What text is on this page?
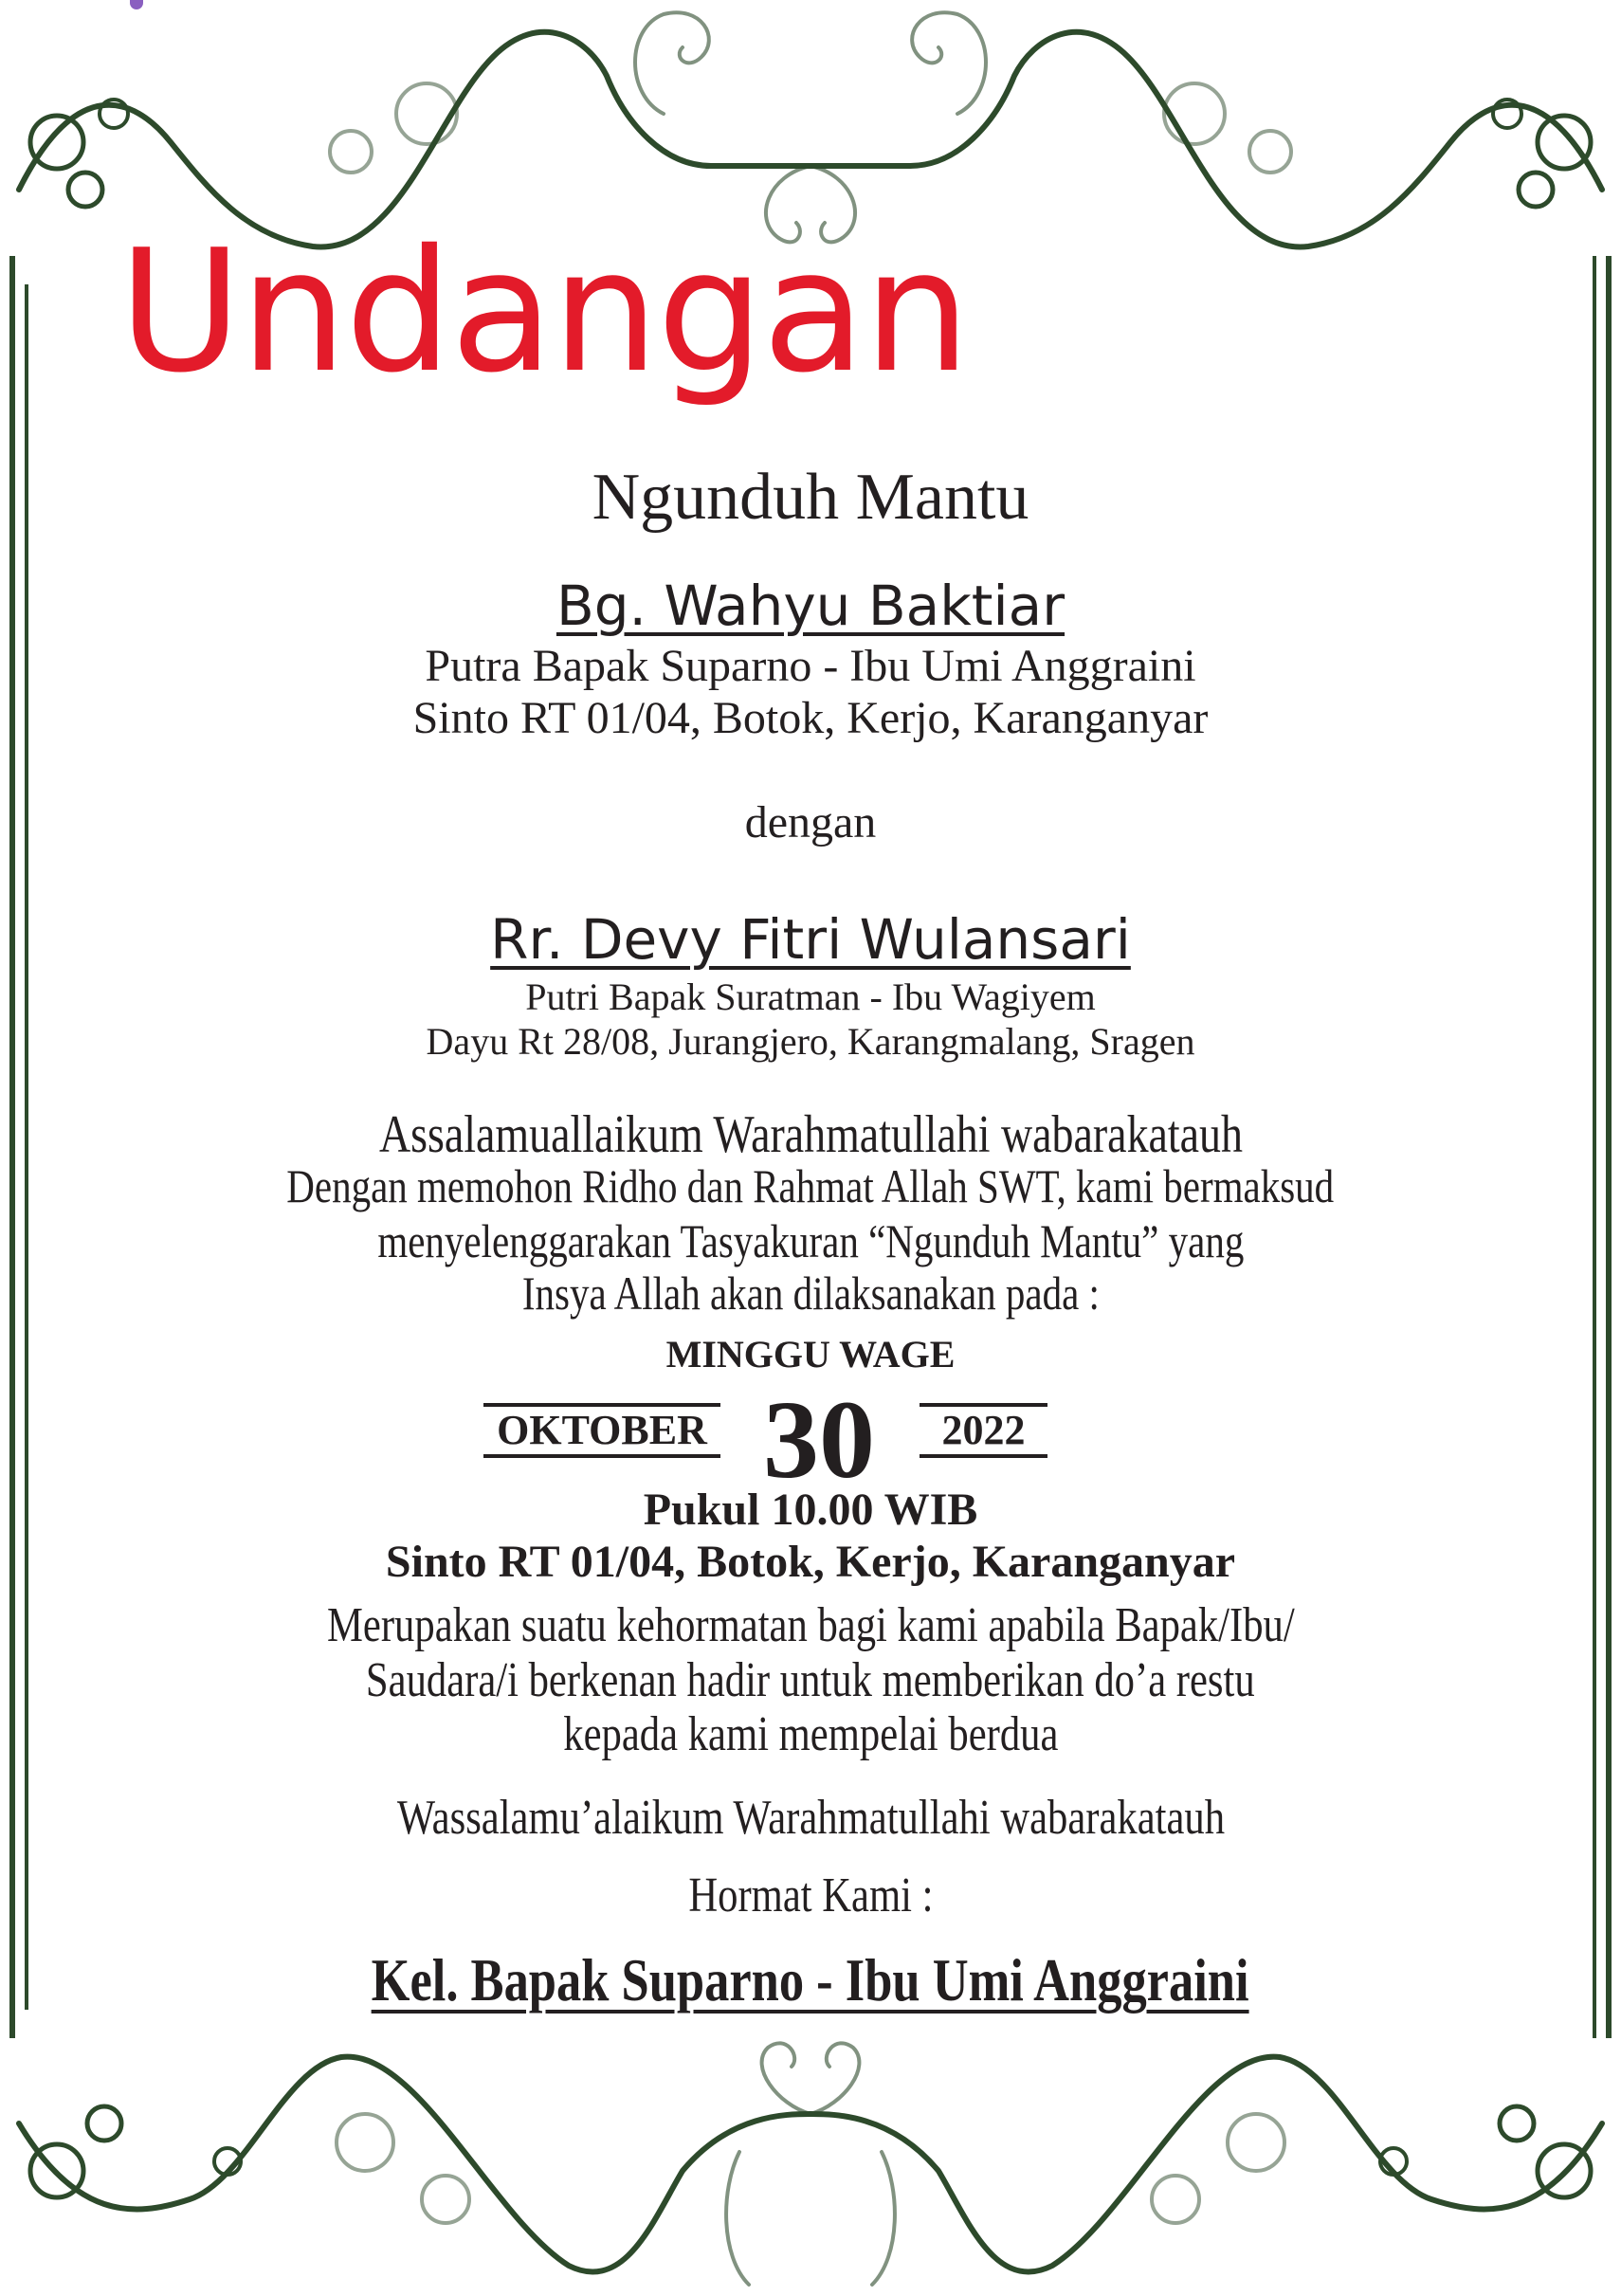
Undangan
Ngunduh Mantu
Bg. Wahyu Baktiar
Putra Bapak Suparno - Ibu Umi Anggraini
Sinto RT 01/04, Botok, Kerjo, Karanganyar
dengan
Rr. Devy Fitri Wulansari
Putri Bapak Suratman - Ibu Wagiyem
Dayu Rt 28/08, Jurangjero, Karangmalang, Sragen
Assalamuallaikum Warahmatullahi wabarakatauh
Dengan memohon Ridho dan Rahmat Allah SWT, kami bermaksud
menyelenggarakan Tasyakuran “Ngunduh Mantu” yang
Insya Allah akan dilaksanakan pada :
MINGGU WAGE
OKTOBER 30	2022
Pukul 10.00 WIB
Sinto RT 01/04, Botok, Kerjo, Karanganyar
Merupakan suatu kehormatan bagi kami apabila Bapak/Ibu/
Saudara/i berkenan hadir untuk memberikan do’a restu
kepada kami mempelai berdua
Wassalamu’alaikum Warahmatullahi wabarakatauh
Hormat Kami :
Kel. Bapak Suparno - Ibu Umi Anggraini
